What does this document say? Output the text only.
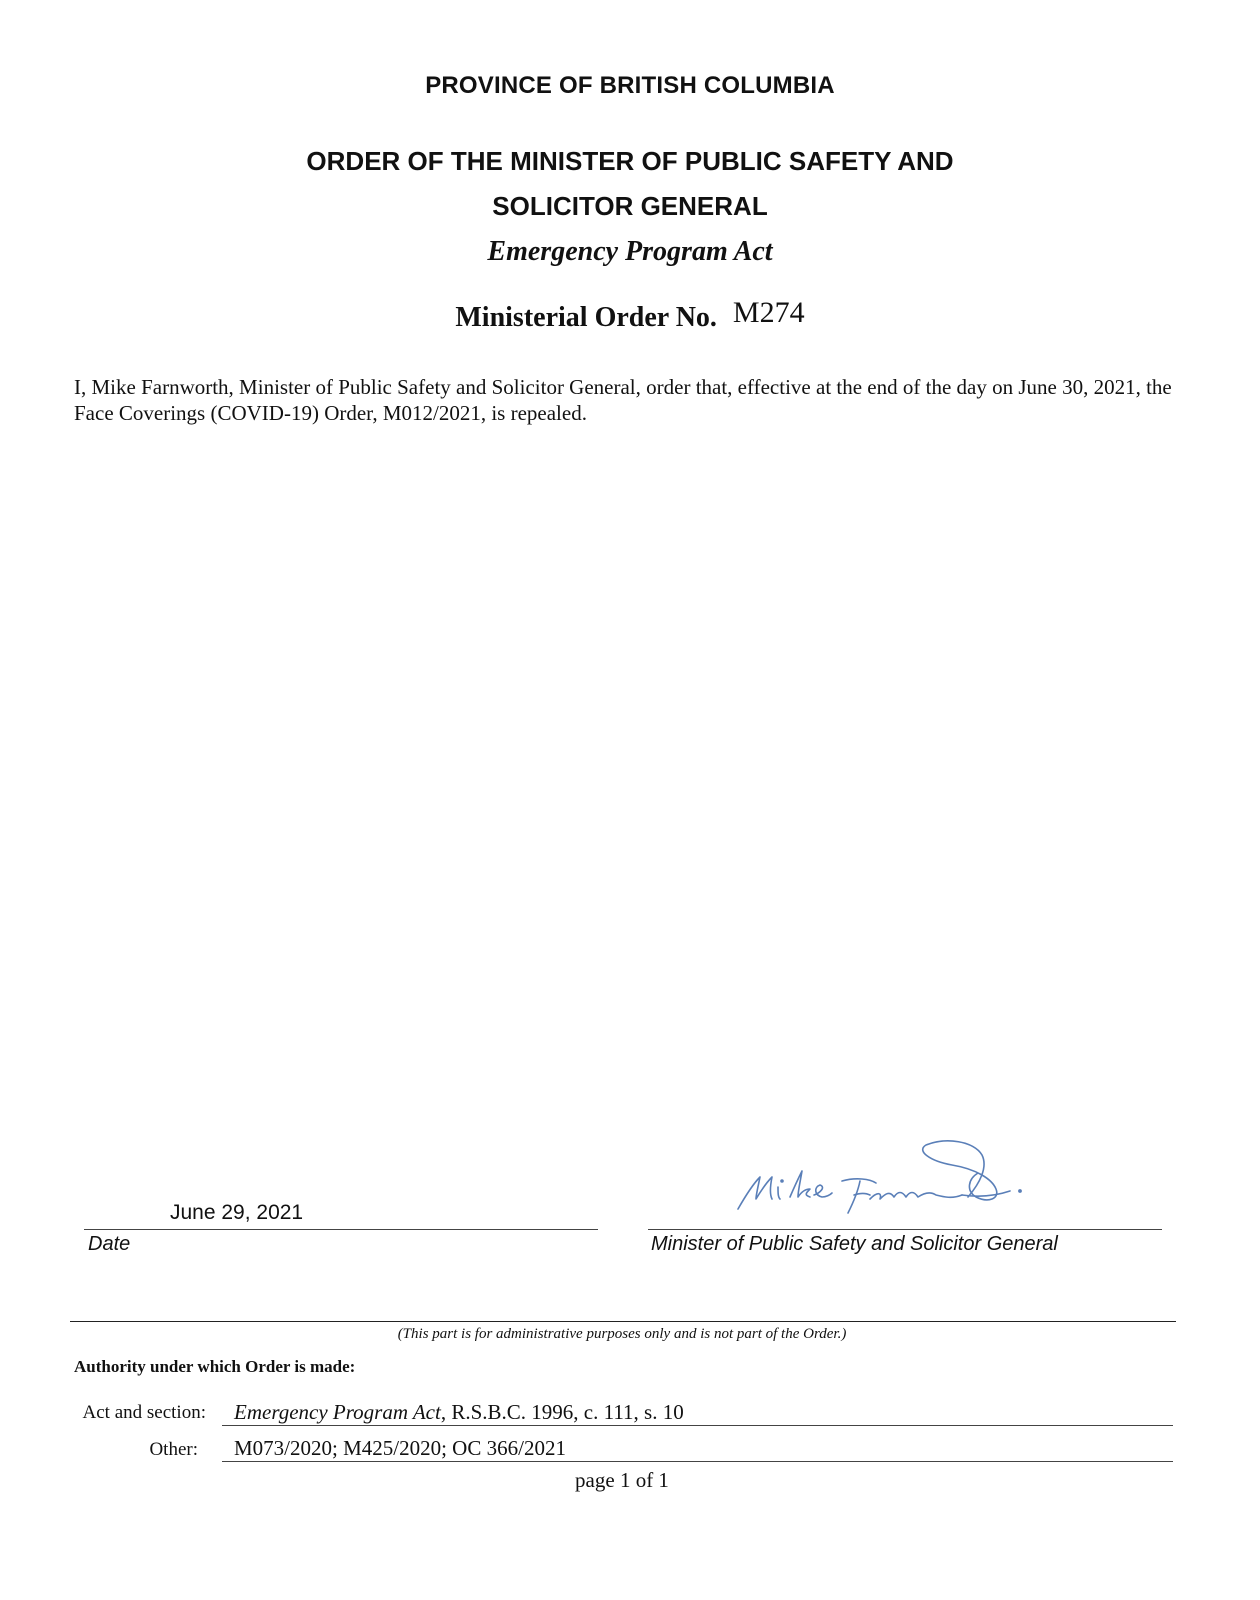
PROVINCE OF BRITISH COLUMBIA
ORDER OF THE MINISTER OF PUBLIC SAFETY AND
SOLICITOR GENERAL
Emergency Program Act
Ministerial Order No. M274
I, Mike Farnworth, Minister of Public Safety and Solicitor General, order that, effective at the end of the day on June 30, 2021, the Face Coverings (COVID-19) Order, M012/2021, is repealed.
June 29, 2021
Date	Minister of Public Safety and Solicitor General
(This part is for administrative purposes only and is not part of the Order.)
Authority under which Order is made:
Act and section: Emergency Program Act, R.S.B.C. 1996, c. 111, s. 10
Other: M073/2020; M425/2020; OC 366/2021
page 1 of 1
